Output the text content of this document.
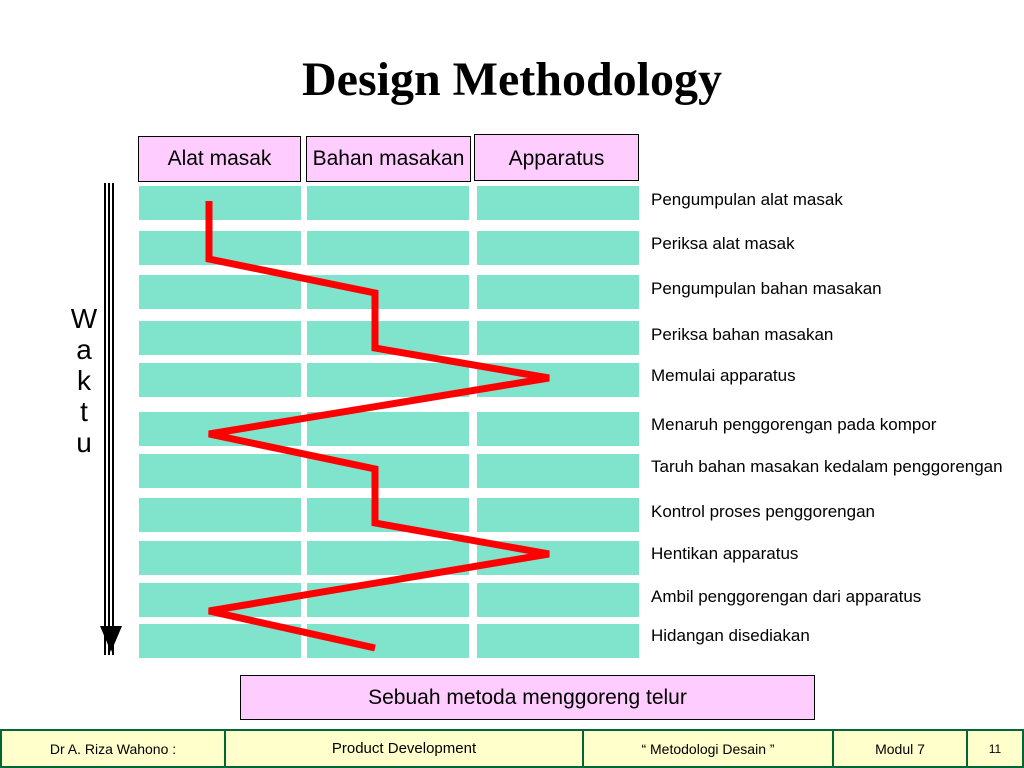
Design Methodology
Alat masak	Bahan masakan	Apparatus
Pengumpulan alat masak
Periksa alat masak
Pengumpulan bahan masakan
Periksa bahan masakan
Memulai apparatus
Menaruh penggorengan pada kompor
Taruh bahan masakan kedalam penggorengan
Kontrol proses penggorengan
Hentikan apparatus
Ambil penggorengan dari apparatus
Hidangan disediakan
W
a
k
t
u
Sebuah metoda menggoreng telur
Dr A. Riza Wahono :	Product Development	“ Metodologi Desain ”	Modul 7	11
